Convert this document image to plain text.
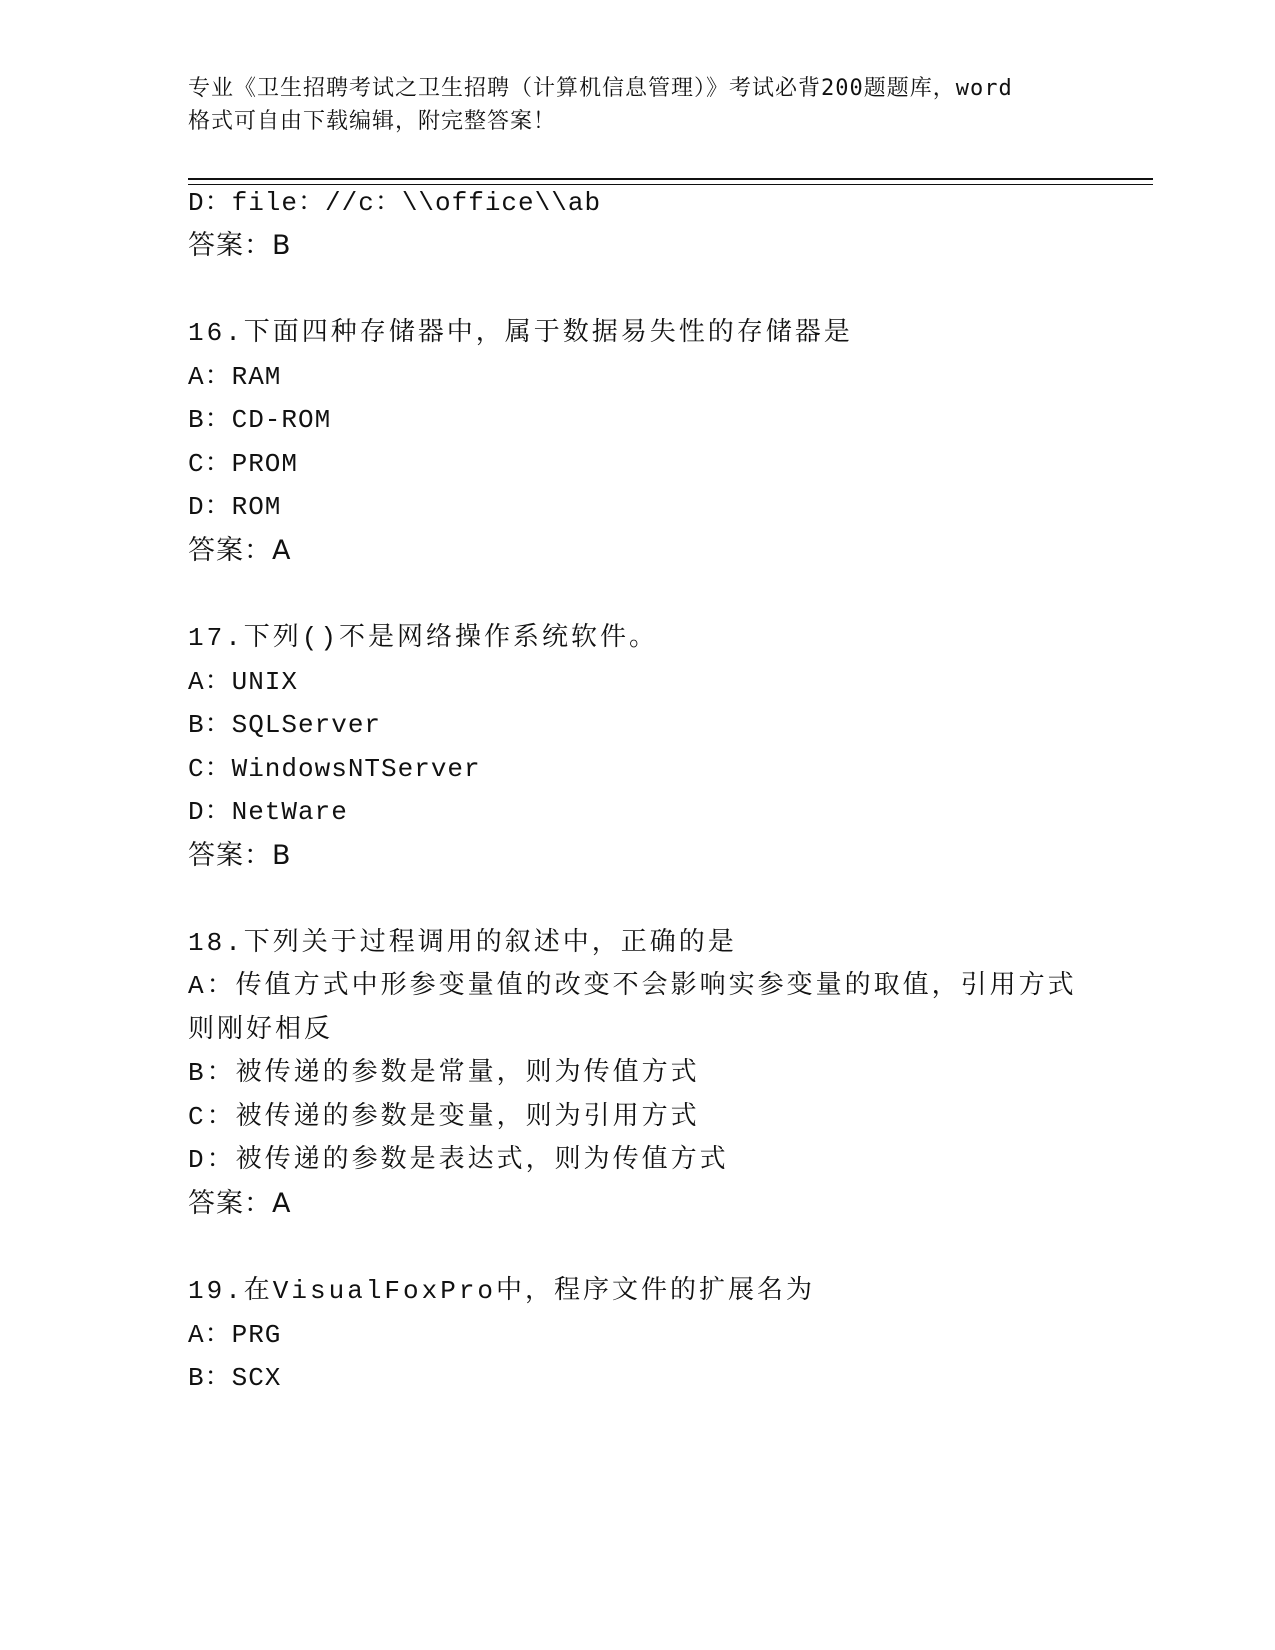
专业《卫生招聘考试之卫生招聘（计算机信息管理）》考试必背200题题库，word
格式可自由下载编辑，附完整答案！
D：file：//c：\\office\\ab
答案：B
16.下面四种存储器中，属于数据易失性的存储器是
A：RAM
B：CD-ROM
C：PROM
D：ROM
答案：A
17.下列()不是网络操作系统软件。
A：UNIX
B：SQLServer
C：WindowsNTServer
D：NetWare
答案：B
18.下列关于过程调用的叙述中，正确的是
A：传值方式中形参变量值的改变不会影响实参变量的取值，引用方式
则刚好相反
B：被传递的参数是常量，则为传值方式
C：被传递的参数是变量，则为引用方式
D：被传递的参数是表达式，则为传值方式
答案：A
19.在VisualFoxPro中，程序文件的扩展名为
A：PRG
B：SCX
